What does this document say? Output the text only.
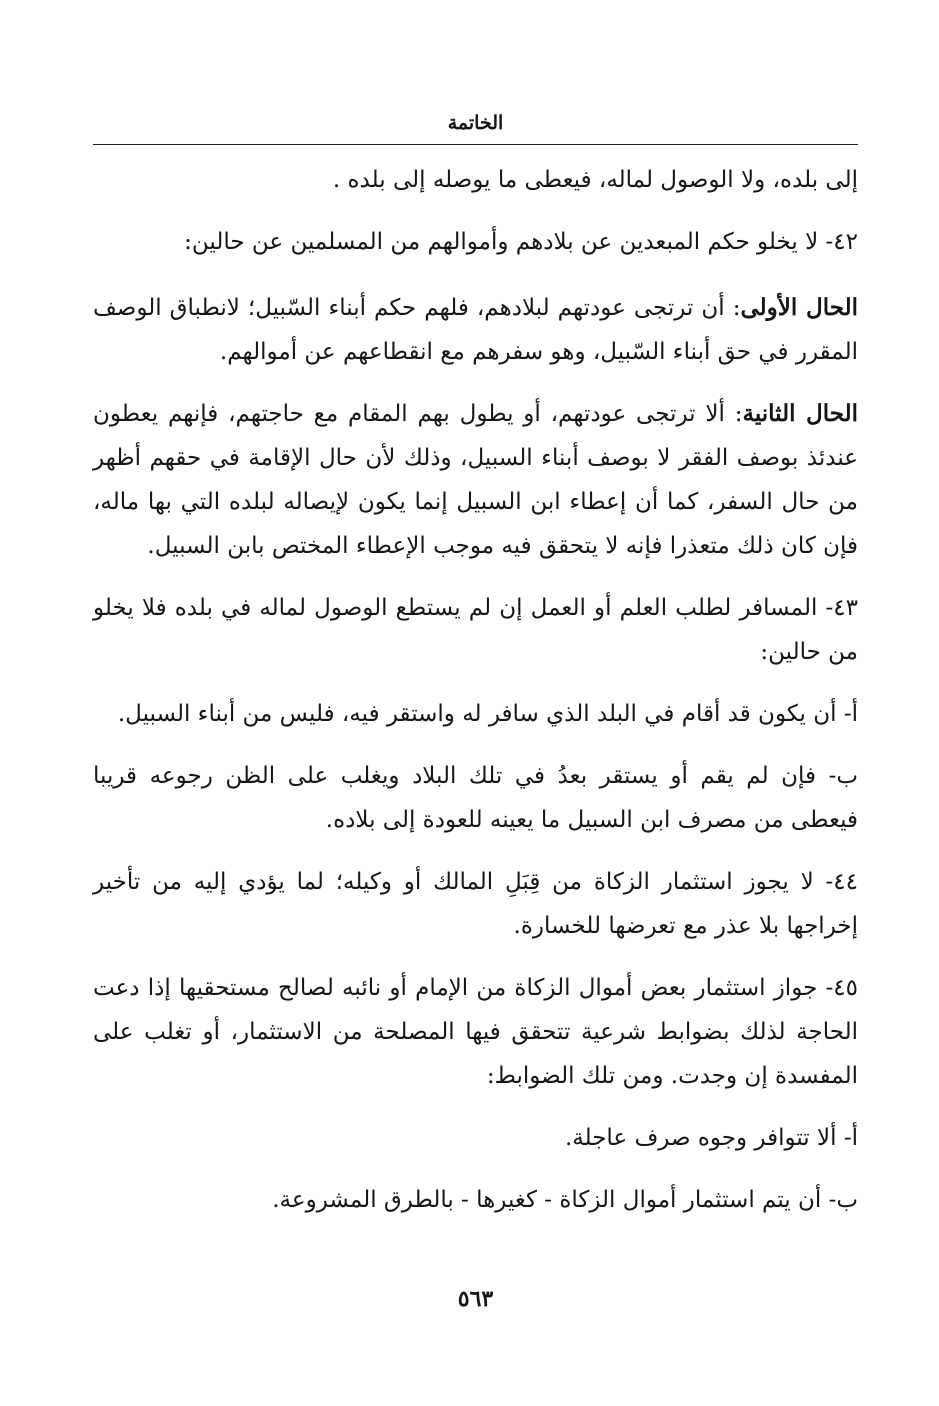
الخاتمة

إلى بلده، ولا الوصول لماله، فيعطى ما يوصله إلى بلده .

٤٢- لا يخلو حكم المبعدين عن بلادهم وأموالهم من المسلمين عن حالين:

الحال الأولى: أن ترتجى عودتهم لبلادهم، فلهم حكم أبناء السّبيل؛ لانطباق الوصف المقرر في حق أبناء السّبيل، وهو سفرهم مع انقطاعهم عن أموالهم.

الحال الثانية: ألا ترتجى عودتهم، أو يطول بهم المقام مع حاجتهم، فإنهم يعطون عندئذ بوصف الفقر لا بوصف أبناء السبيل، وذلك لأن حال الإقامة في حقهم أظهر من حال السفر، كما أن إعطاء ابن السبيل إنما يكون لإيصاله لبلده التي بها ماله، فإن كان ذلك متعذرا فإنه لا يتحقق فيه موجب الإعطاء المختص بابن السبيل.

٤٣- المسافر لطلب العلم أو العمل إن لم يستطع الوصول لماله في بلده فلا يخلو من حالين:

أ- أن يكون قد أقام في البلد الذي سافر له واستقر فيه، فليس من أبناء السبيل.

ب- فإن لم يقم أو يستقر بعدُ في تلك البلاد ويغلب على الظن رجوعه قريبا فيعطى من مصرف ابن السبيل ما يعينه للعودة إلى بلاده.

٤٤- لا يجوز استثمار الزكاة من قِبَلِ المالك أو وكيله؛ لما يؤدي إليه من تأخير إخراجها بلا عذر مع تعرضها للخسارة.

٤٥- جواز استثمار بعض أموال الزكاة من الإمام أو نائبه لصالح مستحقيها إذا دعت الحاجة لذلك بضوابط شرعية تتحقق فيها المصلحة من الاستثمار، أو تغلب على المفسدة إن وجدت. ومن تلك الضوابط:

أ- ألا تتوافر وجوه صرف عاجلة.

ب- أن يتم استثمار أموال الزكاة - كغيرها - بالطرق المشروعة.

٥٦٣
